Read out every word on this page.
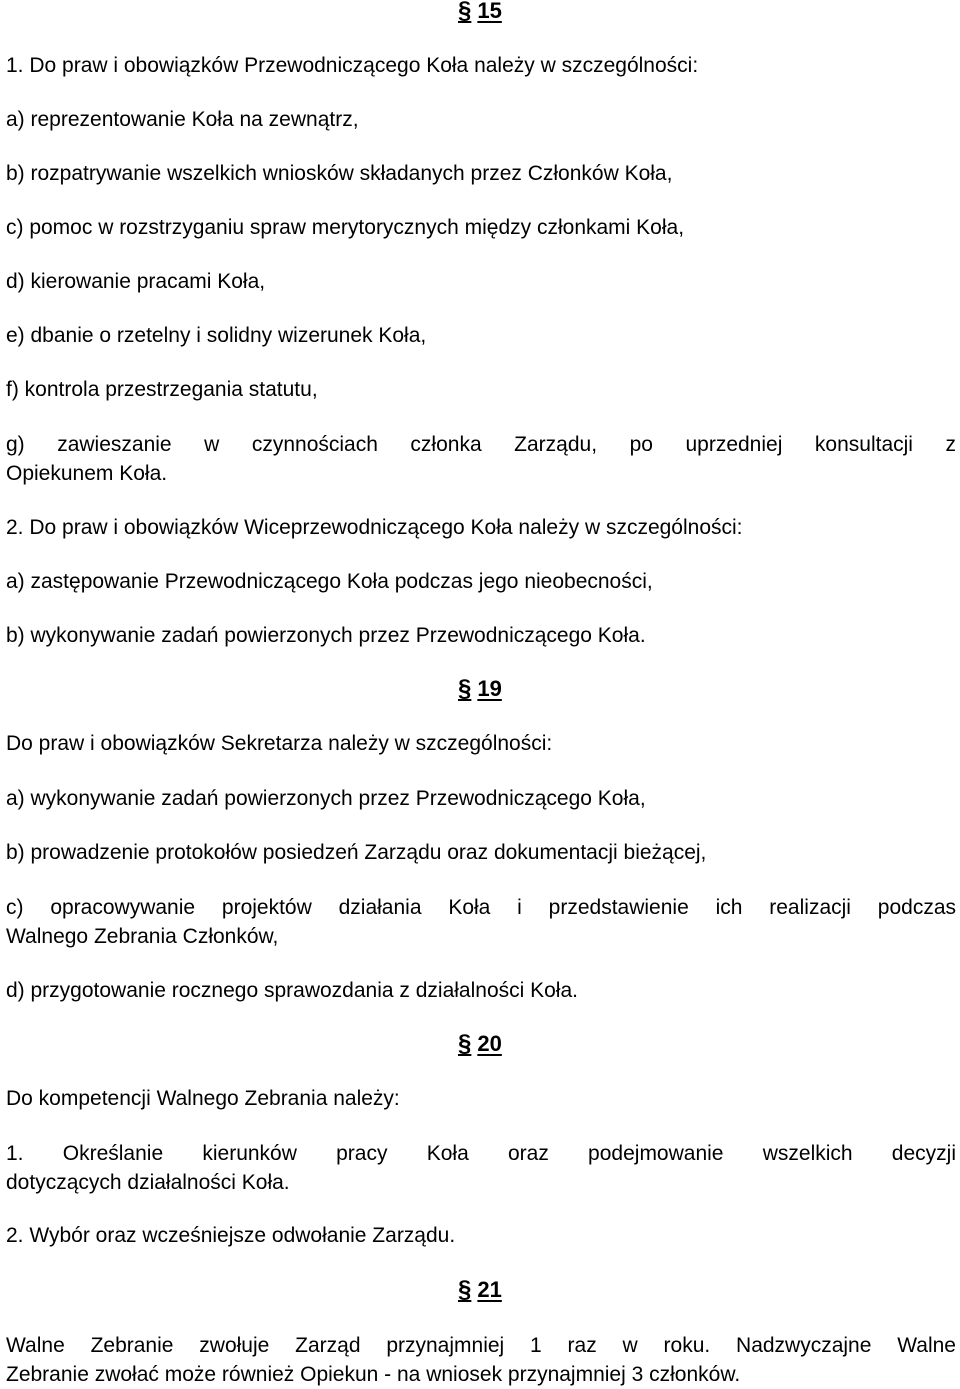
§ 15
1. Do praw i obowiązków Przewodniczącego Koła należy w szczególności:
a) reprezentowanie Koła na zewnątrz,
b) rozpatrywanie wszelkich wniosków składanych przez Członków Koła,
c) pomoc w rozstrzyganiu spraw merytorycznych między członkami Koła,
d) kierowanie pracami Koła,
e) dbanie o rzetelny i solidny wizerunek Koła,
f) kontrola przestrzegania statutu,
g) zawieszanie w czynnościach członka Zarządu, po uprzedniej konsultacji z
Opiekunem Koła.
2. Do praw i obowiązków Wiceprzewodniczącego Koła należy w szczególności:
a) zastępowanie Przewodniczącego Koła podczas jego nieobecności,
b) wykonywanie zadań powierzonych przez Przewodniczącego Koła.
§ 19
Do praw i obowiązków Sekretarza należy w szczególności:
a) wykonywanie zadań powierzonych przez Przewodniczącego Koła,
b) prowadzenie protokołów posiedzeń Zarządu oraz dokumentacji bieżącej,
c) opracowywanie projektów działania Koła i przedstawienie ich realizacji podczas
Walnego Zebrania Członków,
d) przygotowanie rocznego sprawozdania z działalności Koła.
§ 20
Do kompetencji Walnego Zebrania należy:
1. Określanie kierunków pracy Koła oraz podejmowanie wszelkich decyzji
dotyczących działalności Koła.
2. Wybór oraz wcześniejsze odwołanie Zarządu.
§ 21
Walne Zebranie zwołuje Zarząd przynajmniej 1 raz w roku. Nadzwyczajne Walne
Zebranie zwołać może również Opiekun - na wniosek przynajmniej 3 członków.
